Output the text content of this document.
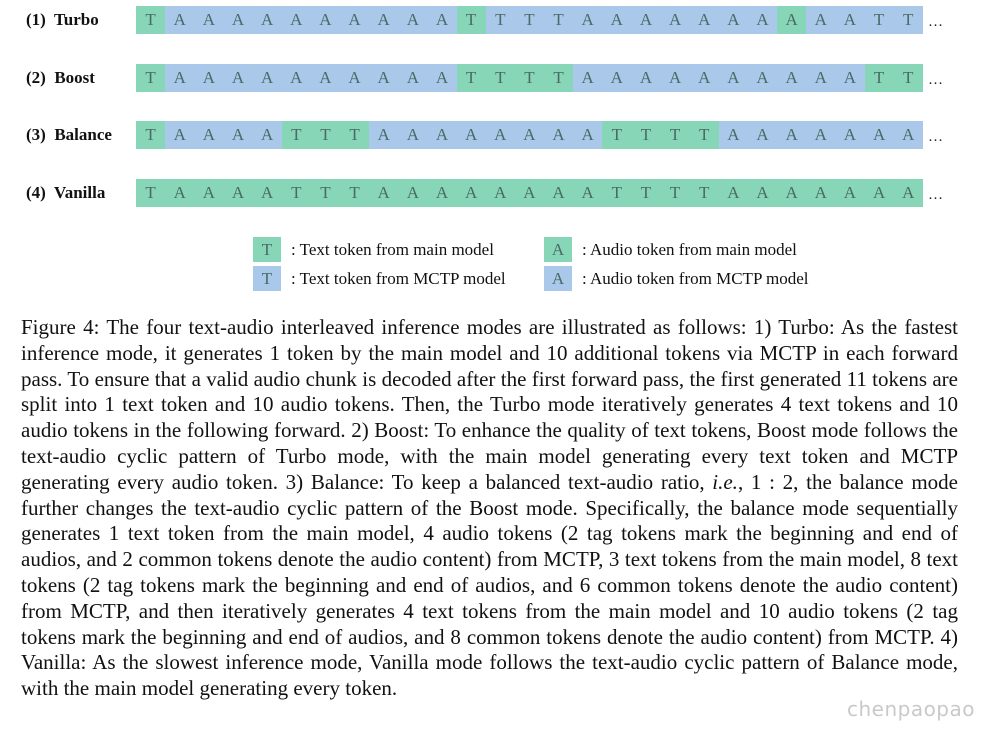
(1)  Turbo	T	A A A A A A A A A A	T	T	T	T	A A A A A A A A A A	T	T …
(2)  Boost	T	A A A A A A A A A A	T	T	T	T	A A A A A A A A A A	T	T …
(3)  Balance	T	A A A A	T	T	T	A A A A A A A A	T	T	T	T	A A A A A A A …
(4)  Vanilla	T	A A A A	T	T	T	A A A A A A A A	T	T	T	T	A A A A A A A …
T	: Text token from main model
T	: Text token from MCTP model
A	: Audio token from main model
A	: Audio token from MCTP model
Figure 4: The four text-audio interleaved inference modes are illustrated as follows: 1) Turbo: As the fastest inference mode, it generates 1 token by the main model and 10 additional tokens via MCTP in each forward pass. To ensure that a valid audio chunk is decoded after the first forward pass, the first generated 11 tokens are split into 1 text token and 10 audio tokens. Then, the Turbo mode iteratively generates 4 text tokens and 10 audio tokens in the following forward. 2) Boost: To enhance the quality of text tokens, Boost mode follows the text-audio cyclic pattern of Turbo mode, with the main model generating every text token and MCTP generating every audio token. 3) Balance: To keep a balanced text-audio ratio, i.e., 1 : 2, the balance mode further changes the text-audio cyclic pattern of the Boost mode. Specifically, the balance mode sequentially generates 1 text token from the main model, 4 audio tokens (2 tag tokens mark the beginning and end of audios, and 2 common tokens denote the audio content) from MCTP, 3 text tokens from the main model, 8 text tokens (2 tag tokens mark the beginning and end of audios, and 6 common tokens denote the audio content) from MCTP, and then iteratively generates 4 text tokens from the main model and 10 audio tokens (2 tag tokens mark the beginning and end of audios, and 8 common tokens denote the audio content) from MCTP. 4) Vanilla: As the slowest inference mode, Vanilla mode follows the text-audio cyclic pattern of Balance mode, with the main model generating every token.
chenpaopao
